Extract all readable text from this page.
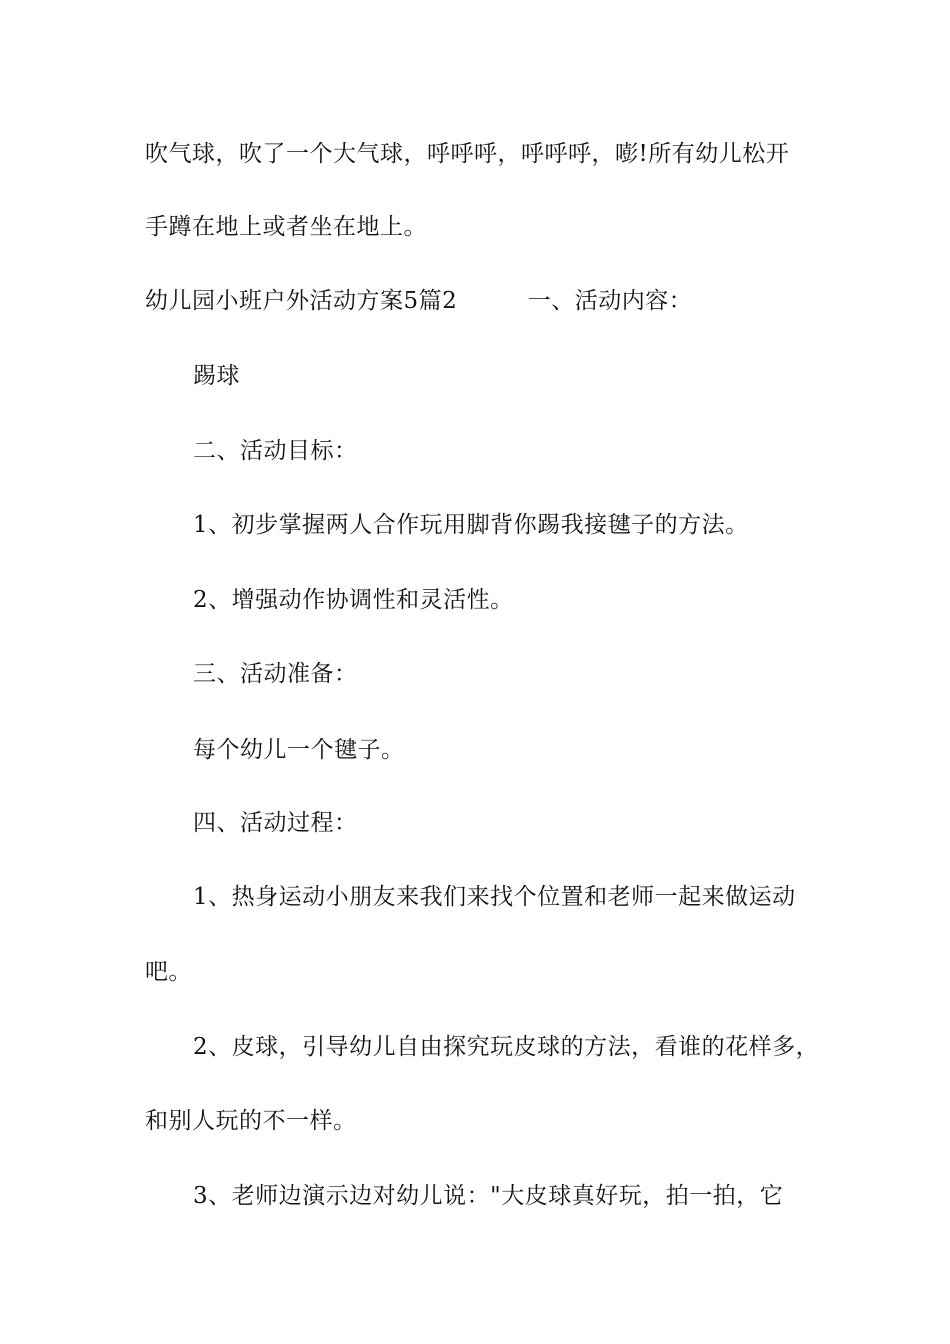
吹气球，吹了一个大气球，呼呼呼，呼呼呼，嘭!所有幼儿松开
手蹲在地上或者坐在地上。
幼儿园小班户外活动方案5篇2　　　一、活动内容：
踢球
二、活动目标：
1、初步掌握两人合作玩用脚背你踢我接毽子的方法。
2、增强动作协调性和灵活性。
三、活动准备：
每个幼儿一个毽子。
四、活动过程：
1、热身运动小朋友来我们来找个位置和老师一起来做运动
吧。
2、皮球，引导幼儿自由探究玩皮球的方法，看谁的花样多，
和别人玩的不一样。
3、老师边演示边对幼儿说："大皮球真好玩，拍一拍，它
